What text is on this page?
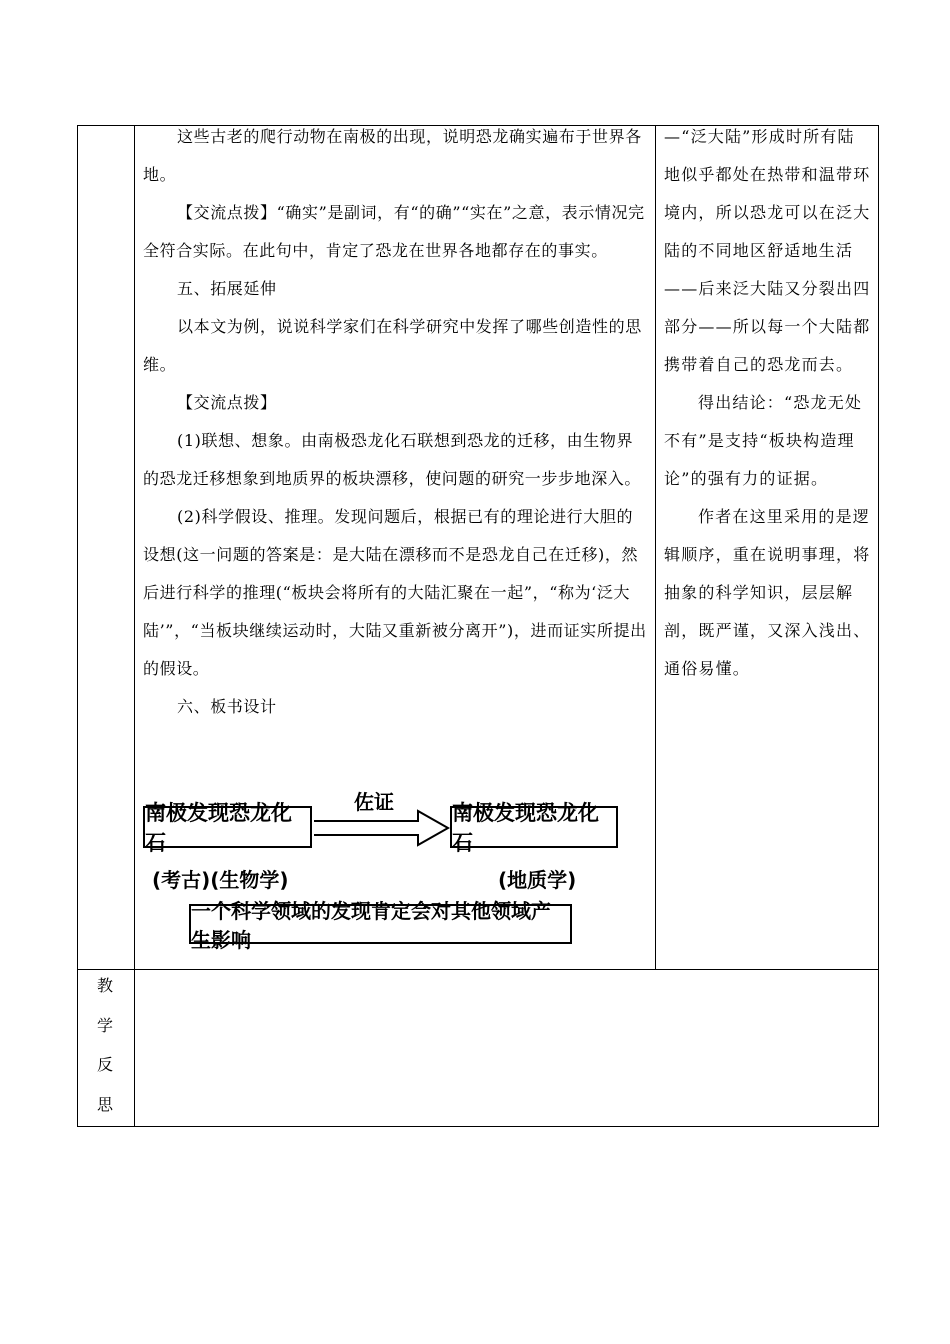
这些古老的爬行动物在南极的出现，说明恐龙确实遍布于世界各地。

【交流点拨】“确实”是副词，有“的确”“实在”之意，表示情况完全符合实际。在此句中，肯定了恐龙在世界各地都存在的事实。

五、拓展延伸

以本文为例，说说科学家们在科学研究中发挥了哪些创造性的思维。

【交流点拨】

(1)联想、想象。由南极恐龙化石联想到恐龙的迁移，由生物界的恐龙迁移想象到地质界的板块漂移，使问题的研究一步步地深入。

(2)科学假设、推理。发现问题后，根据已有的理论进行大胆的设想(这一问题的答案是：是大陆在漂移而不是恐龙自己在迁移)，然后进行科学的推理(“板块会将所有的大陆汇聚在一起”，“称为‘泛大陆’”，“当板块继续运动时，大陆又重新被分离开”)，进而证实所提出的假设。

六、板书设计

南极发现恐龙化石
佐证	南极发现恐龙化石
(考古)(生物学)	(地质学)
一个科学领域的发现肯定会对其他领域产生影响

—“泛大陆”形成时所有陆地似乎都处在热带和温带环境内，所以恐龙可以在泛大陆的不同地区舒适地生活——后来泛大陆又分裂出四部分——所以每一个大陆都携带着自己的恐龙而去。

得出结论：“恐龙无处不有”是支持“板块构造理论”的强有力的证据。

作者在这里采用的是逻辑顺序，重在说明事理，将抽象的科学知识，层层解剖，既严谨，又深入浅出、通俗易懂。

教
学
反
思
